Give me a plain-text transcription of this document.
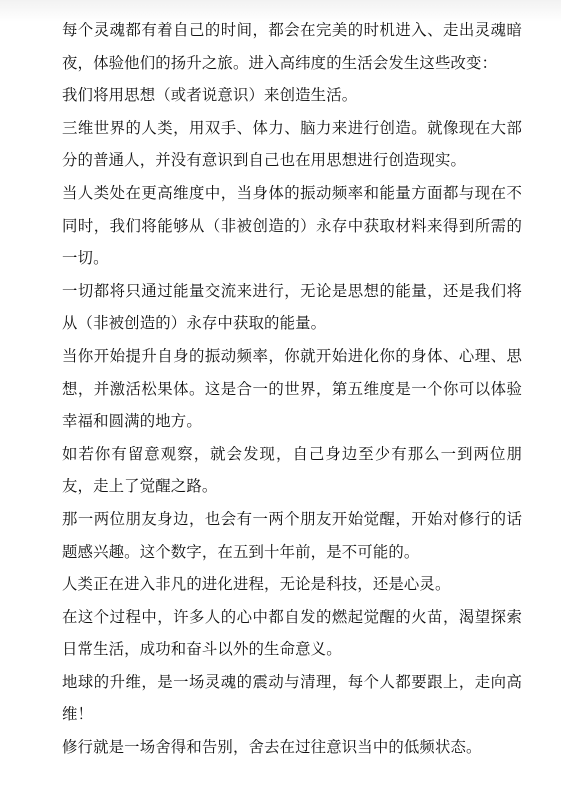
每个灵魂都有着自己的时间，都会在完美的时机进入、走出灵魂暗夜，体验他们的扬升之旅。进入高纬度的生活会发生这些改变：

我们将用思想（或者说意识）来创造生活。

三维世界的人类，用双手、体力、脑力来进行创造。就像现在大部分的普通人，并没有意识到自己也在用思想进行创造现实。

当人类处在更高维度中，当身体的振动频率和能量方面都与现在不同时，我们将能够从（非被创造的）永存中获取材料来得到所需的一切。

一切都将只通过能量交流来进行，无论是思想的能量，还是我们将从（非被创造的）永存中获取的能量。

当你开始提升自身的振动频率，你就开始进化你的身体、心理、思想，并激活松果体。这是合一的世界，第五维度是一个你可以体验幸福和圆满的地方。

如若你有留意观察，就会发现，自己身边至少有那么一到两位朋友，走上了觉醒之路。

那一两位朋友身边，也会有一两个朋友开始觉醒，开始对修行的话题感兴趣。这个数字，在五到十年前，是不可能的。

人类正在进入非凡的进化进程，无论是科技，还是心灵。

在这个过程中，许多人的心中都自发的燃起觉醒的火苗，渴望探索日常生活，成功和奋斗以外的生命意义。

地球的升维，是一场灵魂的震动与清理，每个人都要跟上，走向高维！

修行就是一场舍得和告别，舍去在过往意识当中的低频状态。
